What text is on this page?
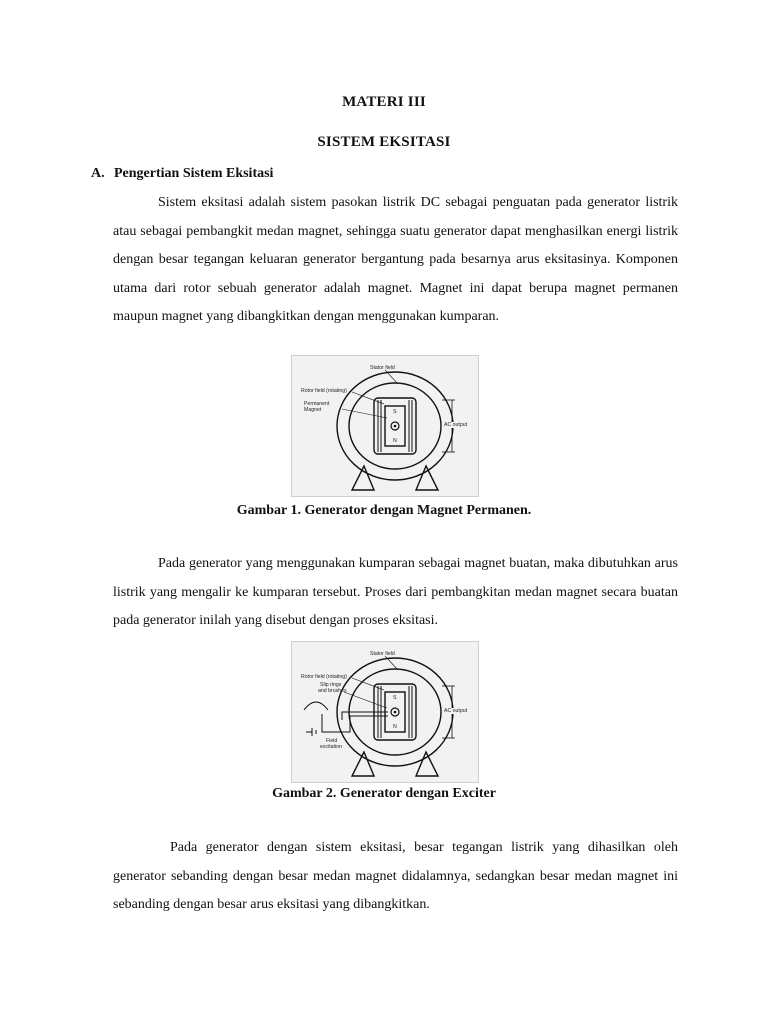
MATERI III
SISTEM EKSITASI
A. Pengertian Sistem Eksitasi

Sistem eksitasi adalah sistem pasokan listrik DC sebagai penguatan pada generator listrik atau sebagai pembangkit medan magnet, sehingga suatu generator dapat menghasilkan energi listrik dengan besar tegangan keluaran generator bergantung pada besarnya arus eksitasinya. Komponen utama dari rotor sebuah generator adalah magnet. Magnet ini dapat berupa magnet permanen maupun magnet yang dibangkitkan dengan menggunakan kumparan.

Stator field
Rotor field (rotating)
Permanent
Magnet	S
N
AC output
Gambar 1. Generator dengan Magnet Permanen.

Pada generator yang menggunakan kumparan sebagai magnet buatan, maka dibutuhkan arus listrik yang mengalir ke kumparan tersebut. Proses dari pembangkitan medan magnet secara buatan pada generator inilah yang disebut dengan proses eksitasi.

Stator field
Rotor field (rotating)
Slip rings
and brushes
S
N
AC output
Field
excitation
Gambar 2. Generator dengan Exciter

Pada generator dengan sistem eksitasi, besar tegangan listrik yang dihasilkan oleh generator sebanding dengan besar medan magnet didalamnya, sedangkan besar medan magnet ini sebanding dengan besar arus eksitasi yang dibangkitkan.
